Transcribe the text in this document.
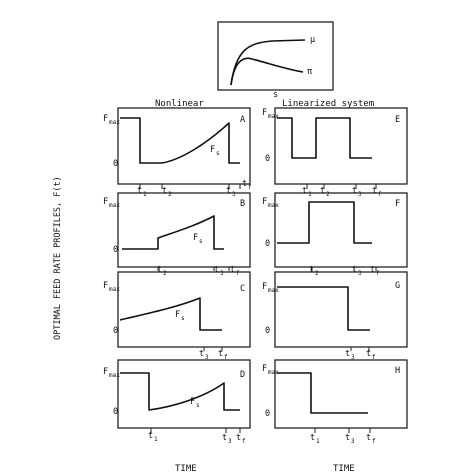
μ
π
s
Nonlinear	Linearized system
OPTIMAL FEED RATE PROFILES, F(t)
TIME	TIME
F s
F s
F s
F s
A	E
B	F
C	G
D	H
F max
F max
F max	F max
F max	F max
F max
F max
0	0
0
0
0	0
0	0
t 1 t 2	t 3
t f	t 1 t 2	t 3 t f
t 2	t 3 t f	t 2	t 3 t f
t 3 t f	t 3 t f
t 1	t 3 t f	t 1	t 3 t f
